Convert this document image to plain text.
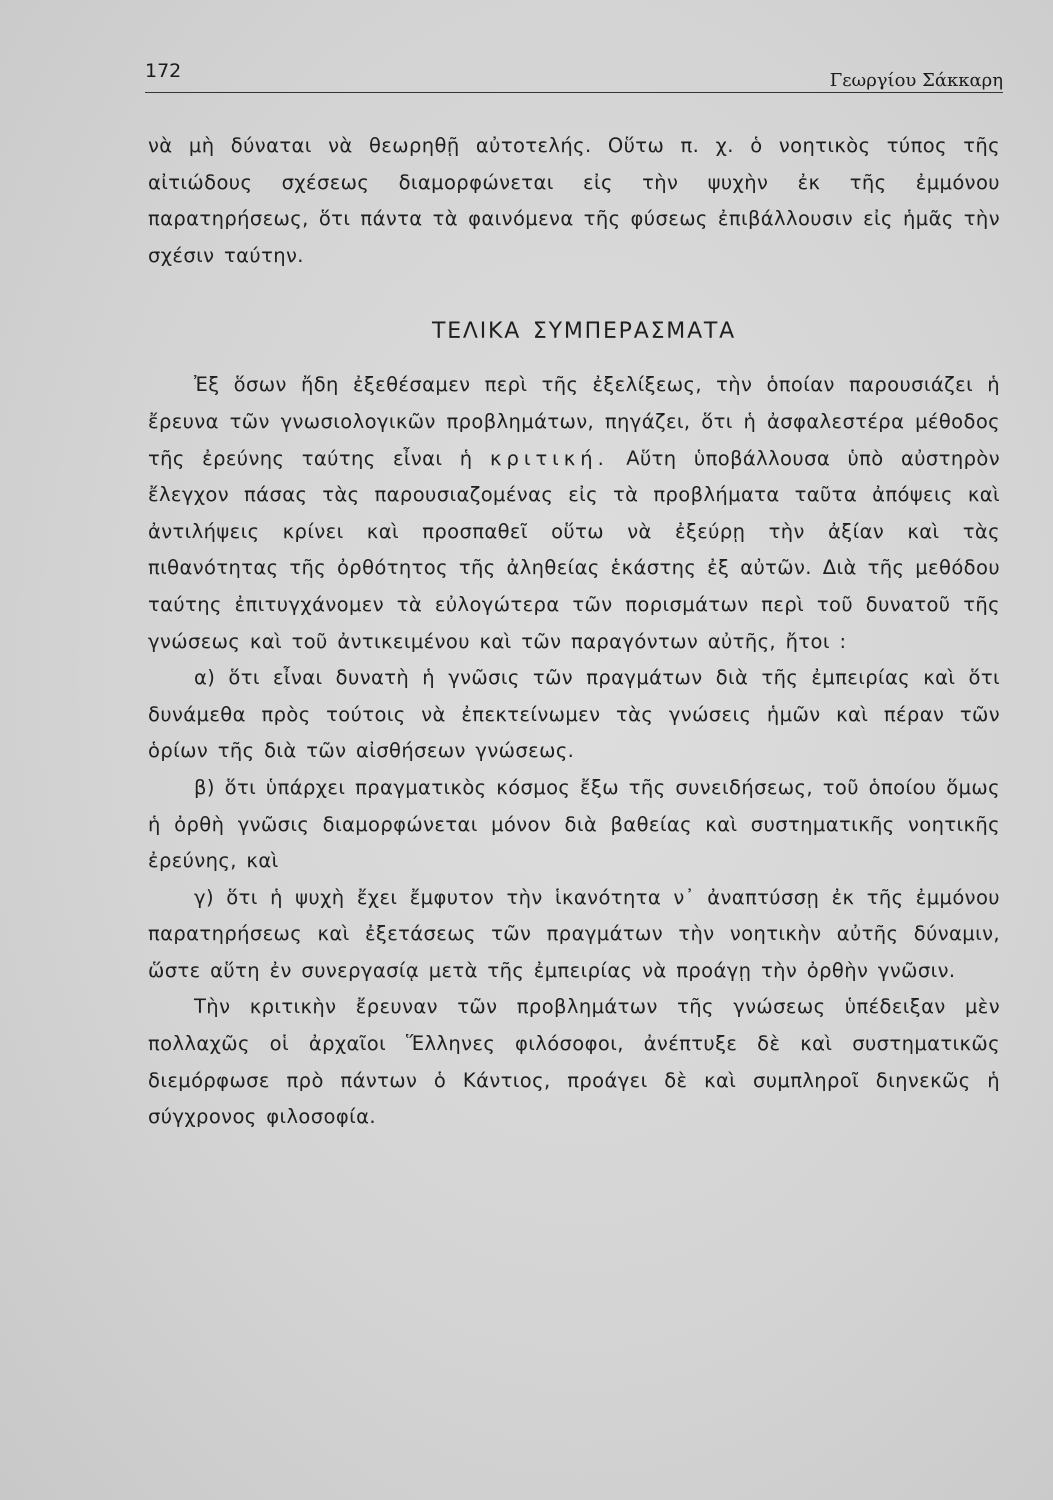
172	Γεωργίου Σάκκαρη

νὰ μὴ δύναται νὰ θεωρηθῇ αὐτοτελής. Οὕτω π. χ. ὁ νοητικὸς τύπος τῆς αἰτιώδους σχέσεως διαμορφώνεται εἰς τὴν ψυχὴν ἐκ τῆς ἐμμόνου παρατηρήσεως, ὅτι πάντα τὰ φαινόμενα τῆς φύσεως ἐπιβάλλουσιν εἰς ἡμᾶς τὴν σχέσιν ταύτην.

ΤΕΛΙΚΑ ΣΥΜΠΕΡΑΣΜΑΤΑ

Ἐξ ὅσων ἤδη ἐξεθέσαμεν περὶ τῆς ἐξελίξεως, τὴν ὁποίαν παρουσιάζει ἡ ἔρευνα τῶν γνωσιολογικῶν προβλημάτων, πηγάζει, ὅτι ἡ ἀσφαλεστέρα μέθοδος τῆς ἐρεύνης ταύτης εἶναι ἡ κριτική. Αὕτη ὑποβάλλουσα ὑπὸ αὐστηρὸν ἔλεγχον πάσας τὰς παρουσιαζομένας εἰς τὰ προβλήματα ταῦτα ἀπόψεις καὶ ἀντιλήψεις κρίνει καὶ προσπαθεῖ οὕτω νὰ ἐξεύρῃ τὴν ἀξίαν καὶ τὰς πιθανότητας τῆς ὀρθότητος τῆς ἀληθείας ἑκάστης ἐξ αὐτῶν. Διὰ τῆς μεθόδου ταύτης ἐπιτυγχάνομεν τὰ εὐλογώτερα τῶν πορισμάτων περὶ τοῦ δυνατοῦ τῆς γνώσεως καὶ τοῦ ἀντικειμένου καὶ τῶν παραγόντων αὐτῆς, ἤτοι :

α) ὅτι εἶναι δυνατὴ ἡ γνῶσις τῶν πραγμάτων διὰ τῆς ἐμπειρίας καὶ ὅτι δυνάμεθα πρὸς τούτοις νὰ ἐπεκτείνωμεν τὰς γνώσεις ἡμῶν καὶ πέραν τῶν ὁρίων τῆς διὰ τῶν αἰσθήσεων γνώσεως.

β) ὅτι ὑπάρχει πραγματικὸς κόσμος ἔξω τῆς συνειδήσεως, τοῦ ὁποίου ὅμως ἡ ὀρθὴ γνῶσις διαμορφώνεται μόνον διὰ βαθείας καὶ συστηματικῆς νοητικῆς ἐρεύνης, καὶ

γ) ὅτι ἡ ψυχὴ ἔχει ἔμφυτον τὴν ἱκανότητα ν᾽ ἀναπτύσσῃ ἐκ τῆς ἐμμόνου παρατηρήσεως καὶ ἐξετάσεως τῶν πραγμάτων τὴν νοητικὴν αὐτῆς δύναμιν, ὥστε αὕτη ἐν συνεργασίᾳ μετὰ τῆς ἐμπειρίας νὰ προάγῃ τὴν ὀρθὴν γνῶσιν.

Τὴν κριτικὴν ἔρευναν τῶν προβλημάτων τῆς γνώσεως ὑπέδειξαν μὲν πολλαχῶς οἱ ἀρχαῖοι Ἕλληνες φιλόσοφοι, ἀνέπτυξε δὲ καὶ συστηματικῶς διεμόρφωσε πρὸ πάντων ὁ Κάντιος, προάγει δὲ καὶ συμπληροῖ διηνεκῶς ἡ σύγχρονος φιλοσοφία.
